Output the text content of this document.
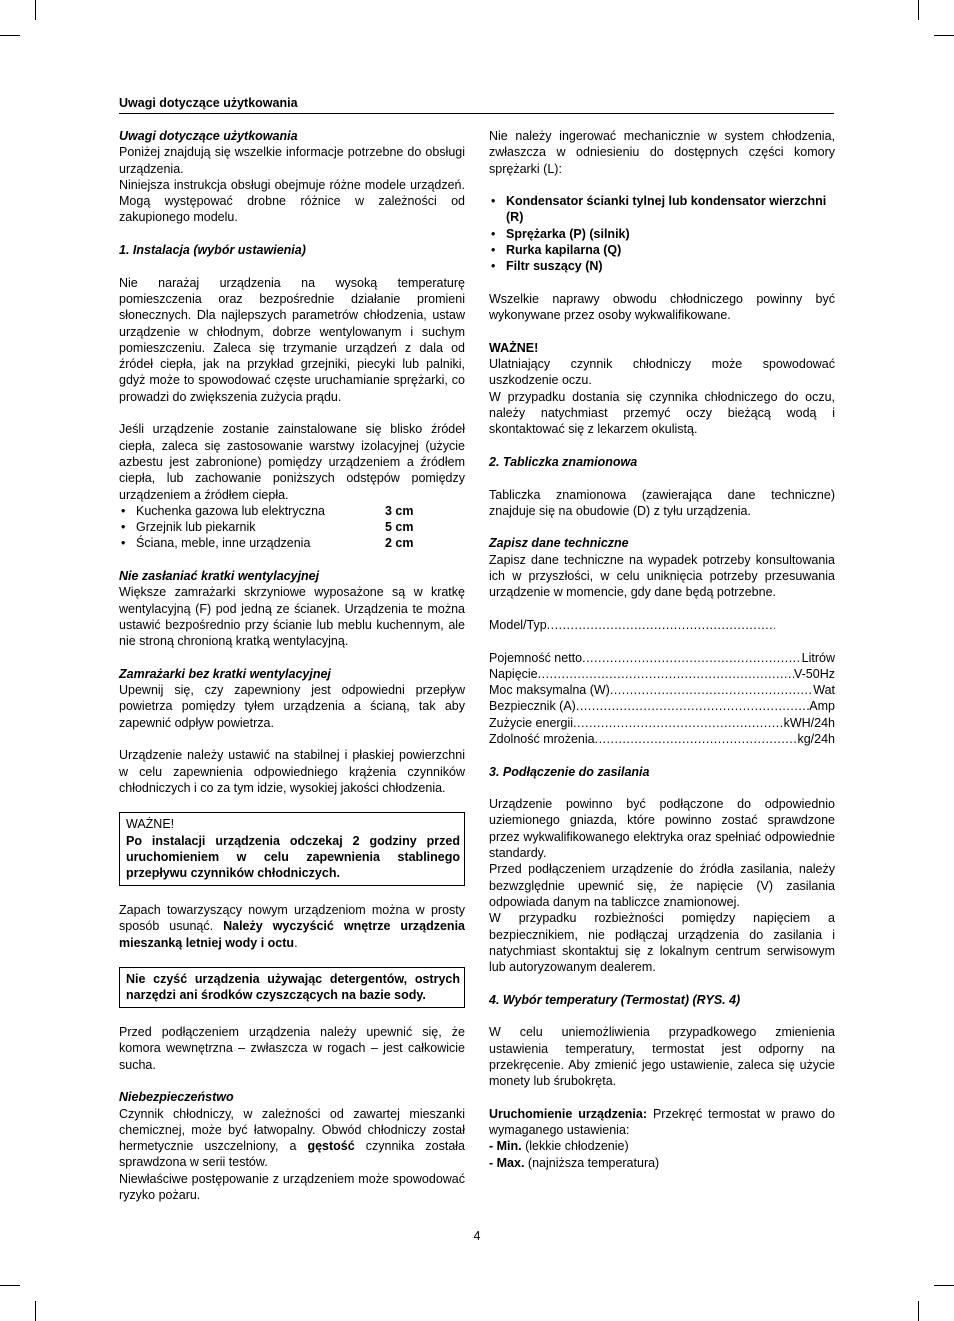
Uwagi dotyczące użytkowania
Uwagi dotyczące użytkowania

Poniżej znajdują się wszelkie informacje potrzebne do obsługi urządzenia.

Niniejsza instrukcja obsługi obejmuje różne modele urządzeń. Mogą występować drobne różnice w zależności od zakupionego modelu.

1. Instalacja (wybór ustawienia)

Nie narażaj urządzenia na wysoką temperaturę pomieszczenia oraz bezpośrednie działanie promieni słonecznych. Dla najlepszych parametrów chłodzenia, ustaw urządzenie w chłodnym, dobrze wentylowanym i suchym pomieszczeniu. Zaleca się trzymanie urządzeń z dala od źródeł ciepła, jak na przykład grzejniki, piecyki lub palniki, gdyż może to spowodować częste uruchamianie sprężarki, co prowadzi do zwiększenia zużycia prądu.

Jeśli urządzenie zostanie zainstalowane się blisko źródeł ciepła, zaleca się zastosowanie warstwy izolacyjnej (użycie azbestu jest zabronione) pomiędzy urządzeniem a źródłem ciepła, lub zachowanie poniższych odstępów pomiędzy urządzeniem a źródłem ciepła.

• Kuchenka gazowa lub elektryczna	3 cm
• Grzejnik lub piekarnik	5 cm
• Ściana, meble, inne urządzenia	2 cm
Nie zasłaniać kratki wentylacyjnej

Większe zamrażarki skrzyniowe wyposażone są w kratkę wentylacyjną (F) pod jedną ze ścianek. Urządzenia te można ustawić bezpośrednio przy ścianie lub meblu kuchennym, ale nie stroną chronioną kratką wentylacyjną.

Zamrażarki bez kratki wentylacyjnej

Upewnij się, czy zapewniony jest odpowiedni przepływ powietrza pomiędzy tyłem urządzenia a ścianą, tak aby zapewnić odpływ powietrza.

Urządzenie należy ustawić na stabilnej i płaskiej powierzchni w celu zapewnienia odpowiedniego krążenia czynników chłodniczych i co za tym idzie, wysokiej jakości chłodzenia.

WAŻNE!

Po instalacji urządzenia odczekaj 2 godziny przed uruchomieniem w celu zapewnienia stablinego przepływu czynników chłodniczych.

Zapach towarzyszący nowym urządzeniom można w prosty sposób usunąć. Należy wyczyścić wnętrze urządzenia mieszanką letniej wody i octu.

Nie czyść urządzenia używając detergentów, ostrych narzędzi ani środków czyszczących na bazie sody.

Przed podłączeniem urządzenia należy upewnić się, że komora wewnętrzna – zwłaszcza w rogach – jest całkowicie sucha.

Niebezpieczeństwo

Czynnik chłodniczy, w zależności od zawartej mieszanki chemicznej, może być łatwopalny. Obwód chłodniczy został hermetycznie uszczelniony, a gęstość czynnika została sprawdzona w serii testów.

Niewłaściwe postępowanie z urządzeniem może spowodować ryzyko pożaru.

Nie należy ingerować mechanicznie w system chłodzenia, zwłaszcza w odniesieniu do dostępnych części komory sprężarki (L):

• Kondensator ścianki tylnej lub kondensator wierzchni (R)
• Sprężarka (P) (silnik)
• Rurka kapilarna (Q)
• Filtr suszący (N)

Wszelkie naprawy obwodu chłodniczego powinny być wykonywane przez osoby wykwalifikowane.

WAŻNE!

Ulatniający czynnik chłodniczy może spowodować uszkodzenie oczu.

W przypadku dostania się czynnika chłodniczego do oczu, należy natychmiast przemyć oczy bieżącą wodą i skontaktować się z lekarzem okulistą.

2. Tabliczka znamionowa

Tabliczka znamionowa (zawierająca dane techniczne) znajduje się na obudowie (D) z tyłu urządzenia.

Zapisz dane techniczne

Zapisz dane techniczne na wypadek potrzeby konsultowania ich w przyszłości, w celu uniknięcia potrzeby przesuwania urządzenie w momencie, gdy dane będą potrzebne.

Model/Typ
.....
Pojemność netto .....	Litrów
Napięcie .....	V-50Hz
Moc maksymalna (W) .....	Wat
Bezpiecznik (A) .....	Amp
Zużycie energii .....	kWH/24h
Zdolność mrożenia .....	kg/24h
3. Podłączenie do zasilania

Urządzenie powinno być podłączone do odpowiednio uziemionego gniazda, które powinno zostać sprawdzone przez wykwalifikowanego elektryka oraz spełniać odpowiednie standardy.

Przed podłączeniem urządzenie do źródła zasilania, należy bezwzględnie upewnić się, że napięcie (V) zasilania odpowiada danym na tabliczce znamionowej.

W przypadku rozbieżności pomiędzy napięciem a bezpiecznikiem, nie podłączaj urządzenia do zasilania i natychmiast skontaktuj się z lokalnym centrum serwisowym lub autoryzowanym dealerem.

4. Wybór temperatury (Termostat) (RYS. 4)

W celu uniemożliwienia przypadkowego zmienienia ustawienia temperatury, termostat jest odporny na przekręcenie. Aby zmienić jego ustawienie, zaleca się użycie monety lub śrubokręta.

Uruchomienie urządzenia: Przekręć termostat w prawo do wymaganego ustawienia:

- Min. (lekkie chłodzenie)

- Max. (najniższa temperatura)

4
